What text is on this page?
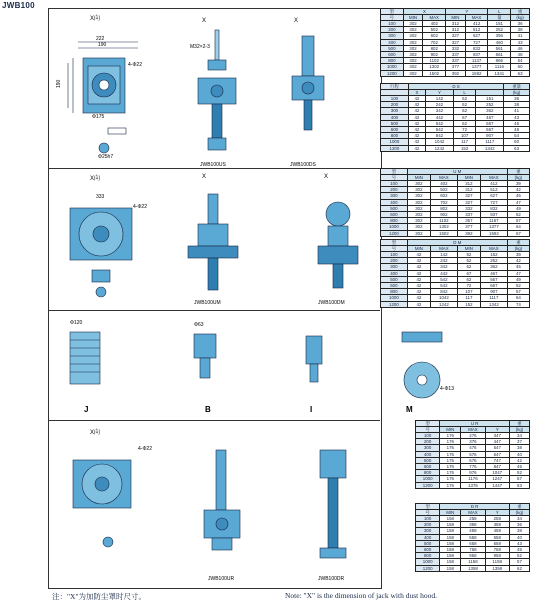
JWB100
X向
222
190
190
4-Φ22
Φ175
Φ25h7
JWB100US
X
M32×2-3
JWB100DS
X
X向
333
4-Φ22
JWB100UM
X
JWB100DM
X
J	B	I
Φ120	Φ63
M
4-Φ13
X向
4-Φ22
JWB100UR	JWB100DR
型	X		Y		L	重
号	MIN	MAX	MIN	MAX	量	(kg)
100	302	402	312	412	151	36
200	302	502	312	512	252	38
300	302	602	327	627	356	41
400	302	702	327	727	460	43
500	302	802	332	832	561	46
600	302	902	337	937	661	48
800	302	1102	337	1137	866	54
1000	302	1302	377	1377	1116	60
1200	302	1502	392	1592	1341	63
行程	D S				重量
	X	Y	L		(kg)
100	42	142	52	151	36
200	42	242	52	252	38
300	42	342	62	362	41
400	42	442	67	467	43
500	42	542	62	567	46
600	42	642	72	667	48
800	42	842	107	907	54
1000	42	1042	117	1117	60
1200	42	1242	152	1342	63
型	U M				重
号	MIN	MAX	MIN	MAX	(kg)
100	302	402	312	412	39
200	302	502	312	512	42
300	302	602	327	627	45
400	302	702	327	727	47
500	302	802	332	832	49
600	302	902	337	937	52
800	302	1102	357	1157	57
1000	302	1302	377	1377	64
1200	302	1502	392	1592	67
型	D M				重
号	MIN	MAX	MIN	MAX	(kg)
100	42	142	52	152	39
200	42	242	52	252	42
300	42	342	62	362	45
400	42	442	67	467	47
500	42	542	62	567	49
600	42	642	72	667	52
800	42	842	107	907	57
1000	42	1042	117	1117	64
1200	42	1242	152	1342	74
型	U R			重
号	MIN	MAX	Y	(kg)
100	176	276	347	34
200	176	376	447	37
300	176	476	547	38
400	176	576	647	40
500	176	676	747	42
600	176	776	847	45
800	176	976	1047	52
1000	176	1176	1247	57
1200	176	1376	1447	63
型	D R			重
号	MIN	MAX	Y	(kg)
100	158	258	258	34
200	158	358	358	36
300	158	458	458	38
400	158	558	558	40
500	158	658	658	43
600	158	758	758	45
800	158	958	958	52
1000	158	1158	1158	57
1200	158	1358	1358	62
注："X"为加防尘罩时尺寸。	Note: "X" is the dimension of jack with dust hood.
